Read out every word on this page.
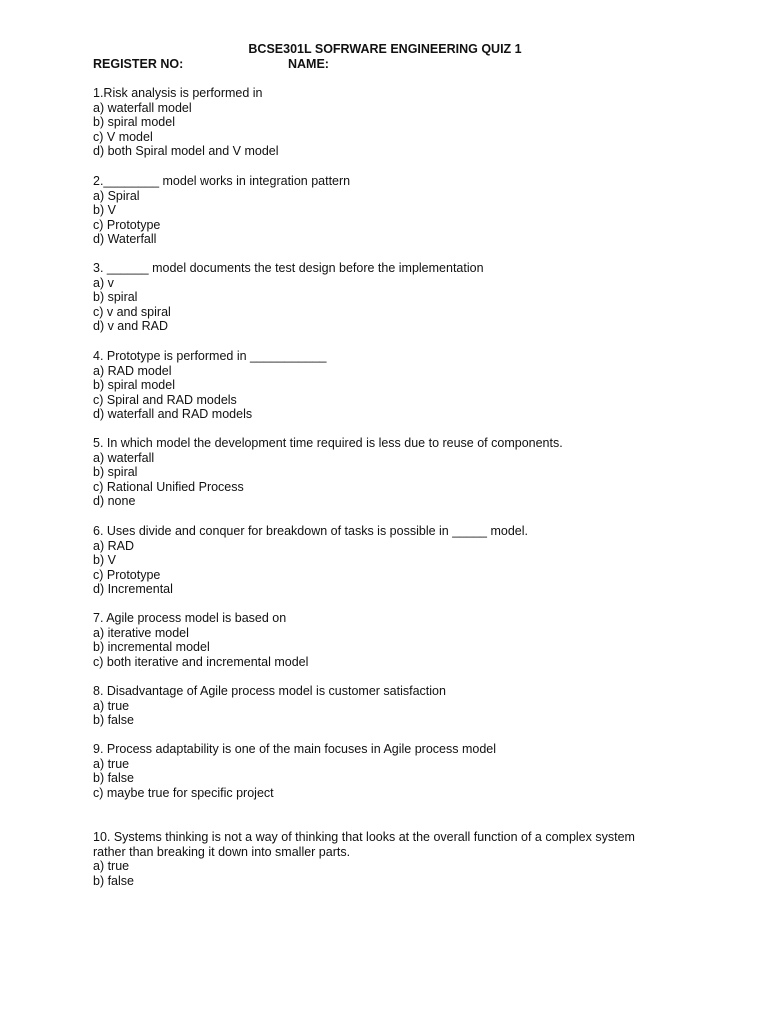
BCSE301L SOFRWARE ENGINEERING QUIZ 1
REGISTER NO:	NAME:
1.Risk analysis is performed in
a) waterfall model
b) spiral model
c) V model
d) both Spiral model and V model
2.________ model works in integration pattern
a) Spiral
b) V
c) Prototype
d) Waterfall
3. ______ model documents the test design before the implementation
a) v
b) spiral
c) v and spiral
d) v and RAD
4. Prototype is performed in ___________
a) RAD model
b) spiral model
c) Spiral and RAD models
d) waterfall and RAD models
5. In which model the development time required is less due to reuse of components.
a) waterfall
b) spiral
c) Rational Unified Process
d) none
6. Uses divide and conquer for breakdown of tasks is possible in _____ model.
a) RAD
b) V
c) Prototype
d) Incremental
7. Agile process model is based on
a) iterative model
b) incremental model
c) both iterative and incremental model
8. Disadvantage of Agile process model is customer satisfaction
a) true
b) false
9. Process adaptability is one of the main focuses in Agile process model
a) true
b) false
c) maybe true for specific project
10. Systems thinking is not a way of thinking that looks at the overall function of a complex system rather than breaking it down into smaller parts.
a) true
b) false
